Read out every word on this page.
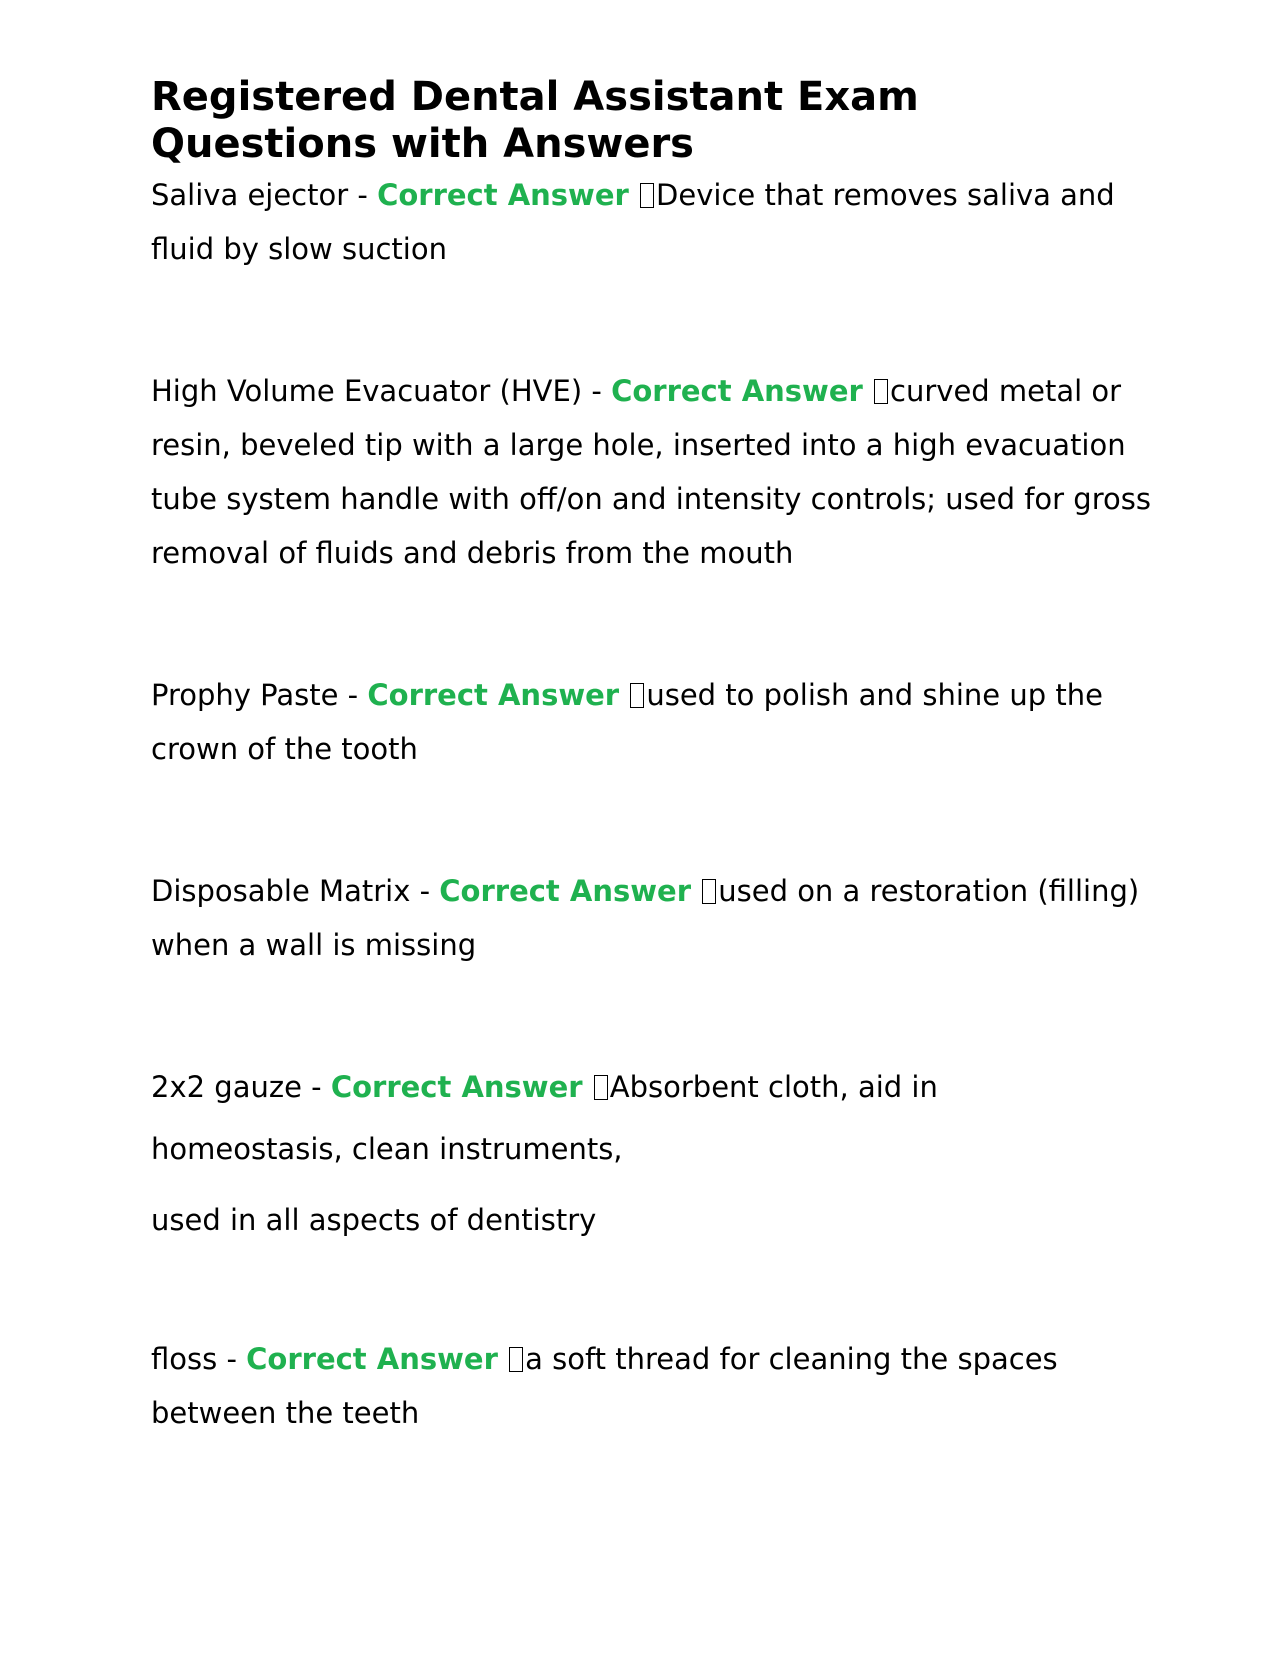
Registered Dental Assistant Exam Questions with Answers

Saliva ejector - Correct Answer Device that removes saliva and fluid by slow suction

High Volume Evacuator (HVE) - Correct Answer curved metal or resin, beveled tip with a large hole, inserted into a high evacuation tube system handle with off/on and intensity controls; used for gross removal of fluids and debris from the mouth

Prophy Paste - Correct Answer used to polish and shine up the crown of the tooth

Disposable Matrix - Correct Answer used on a restoration (filling) when a wall is missing

2x2 gauze - Correct Answer Absorbent cloth, aid in
homeostasis, clean instruments,
used in all aspects of dentistry

floss - Correct Answer a soft thread for cleaning the spaces between the teeth
